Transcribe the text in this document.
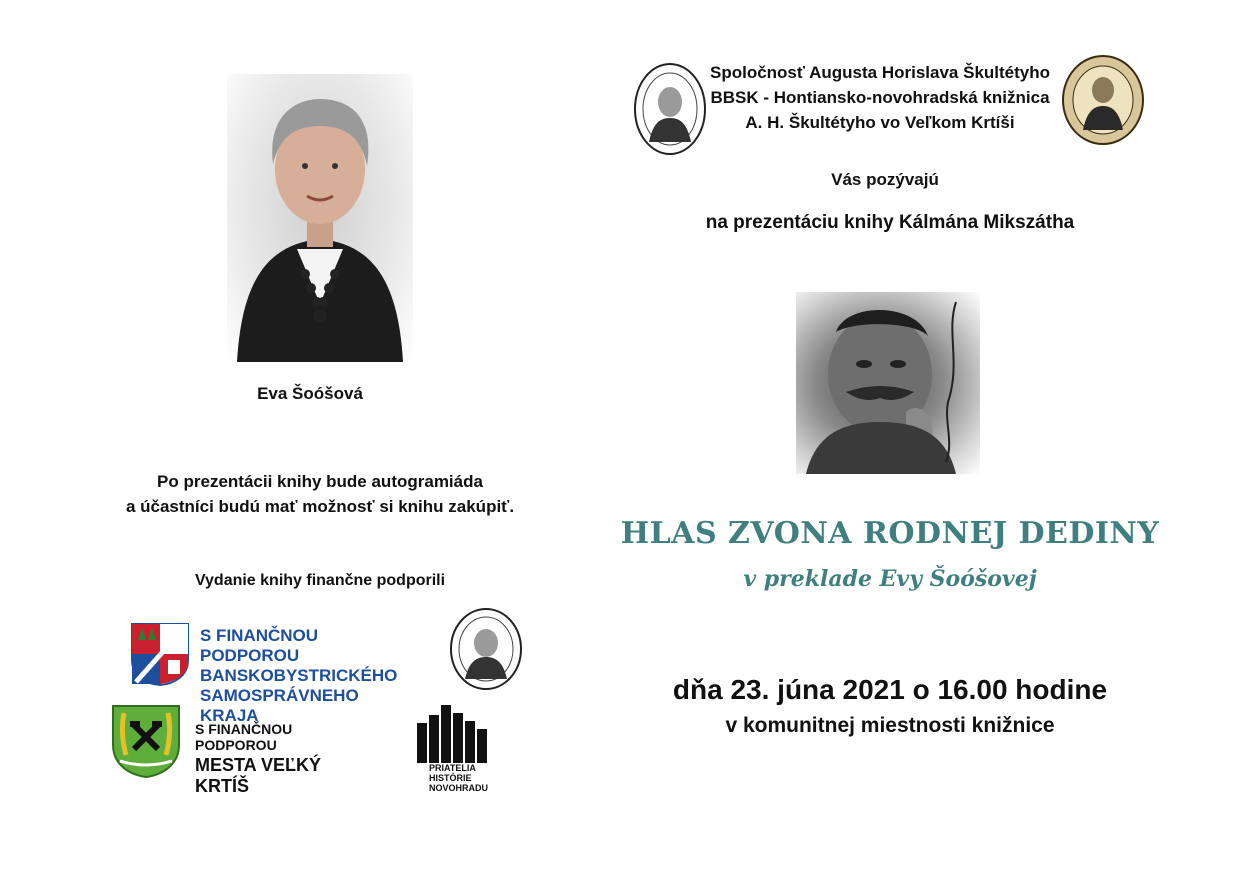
Eva Šoóšová
Po prezentácii knihy bude autogramiáda
a účastníci budú mať možnosť si knihu zakúpiť.
Vydanie knihy finančne podporili
S FINANČNOU PODPOROU
BANSKOBYSTRICKÉHO
SAMOSPRÁVNEHO KRAJA
S FINANČNOU PODPOROU
MESTA VEĽKÝ KRTÍŠ
PRIATELIA
HISTÓRIE
NOVOHRADU
Spoločnosť Augusta Horislava Škultétyho
BBSK - Hontiansko-novohradská knižnica
A. H. Škultétyho vo Veľkom Krtíši
Vás pozývajú
na prezentáciu knihy Kálmána Mikszátha
HLAS ZVONA RODNEJ DEDINY
v preklade Evy Šoóšovej
dňa 23. júna 2021 o 16.00 hodine
v komunitnej miestnosti knižnice
